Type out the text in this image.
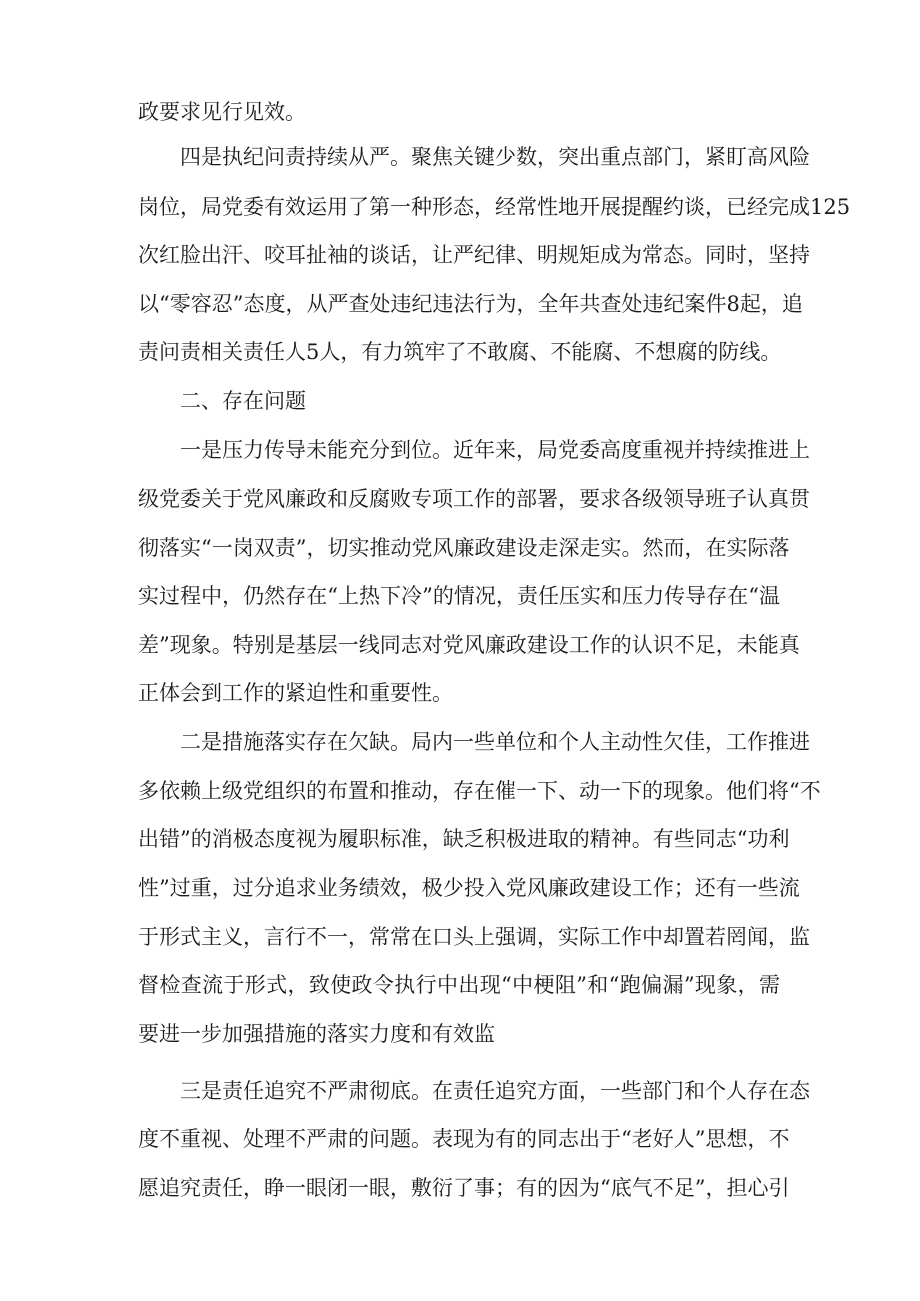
政要求见行见效。
四是执纪问责持续从严。聚焦关键少数，突出重点部门，紧盯高风险
岗位，局党委有效运用了第一种形态，经常性地开展提醒约谈，已经完成125
次红脸出汗、咬耳扯袖的谈话，让严纪律、明规矩成为常态。同时，坚持
以“零容忍”态度，从严查处违纪违法行为，全年共查处违纪案件8起，追
责问责相关责任人5人，有力筑牢了不敢腐、不能腐、不想腐的防线。
二、存在问题
一是压力传导未能充分到位。近年来，局党委高度重视并持续推进上
级党委关于党风廉政和反腐败专项工作的部署，要求各级领导班子认真贯
彻落实“一岗双责”，切实推动党风廉政建设走深走实。然而，在实际落
实过程中，仍然存在“上热下冷”的情况，责任压实和压力传导存在“温
差”现象。特别是基层一线同志对党风廉政建设工作的认识不足，未能真
正体会到工作的紧迫性和重要性。
二是措施落实存在欠缺。局内一些单位和个人主动性欠佳，工作推进
多依赖上级党组织的布置和推动，存在催一下、动一下的现象。他们将“不
出错”的消极态度视为履职标准，缺乏积极进取的精神。有些同志“功利
性”过重，过分追求业务绩效，极少投入党风廉政建设工作；还有一些流
于形式主义，言行不一，常常在口头上强调，实际工作中却置若罔闻，监
督检查流于形式，致使政令执行中出现“中梗阻”和“跑偏漏”现象，需
要进一步加强措施的落实力度和有效监
三是责任追究不严肃彻底。在责任追究方面，一些部门和个人存在态
度不重视、处理不严肃的问题。表现为有的同志出于“老好人”思想，不
愿追究责任，睁一眼闭一眼，敷衍了事；有的因为“底气不足”，担心引
